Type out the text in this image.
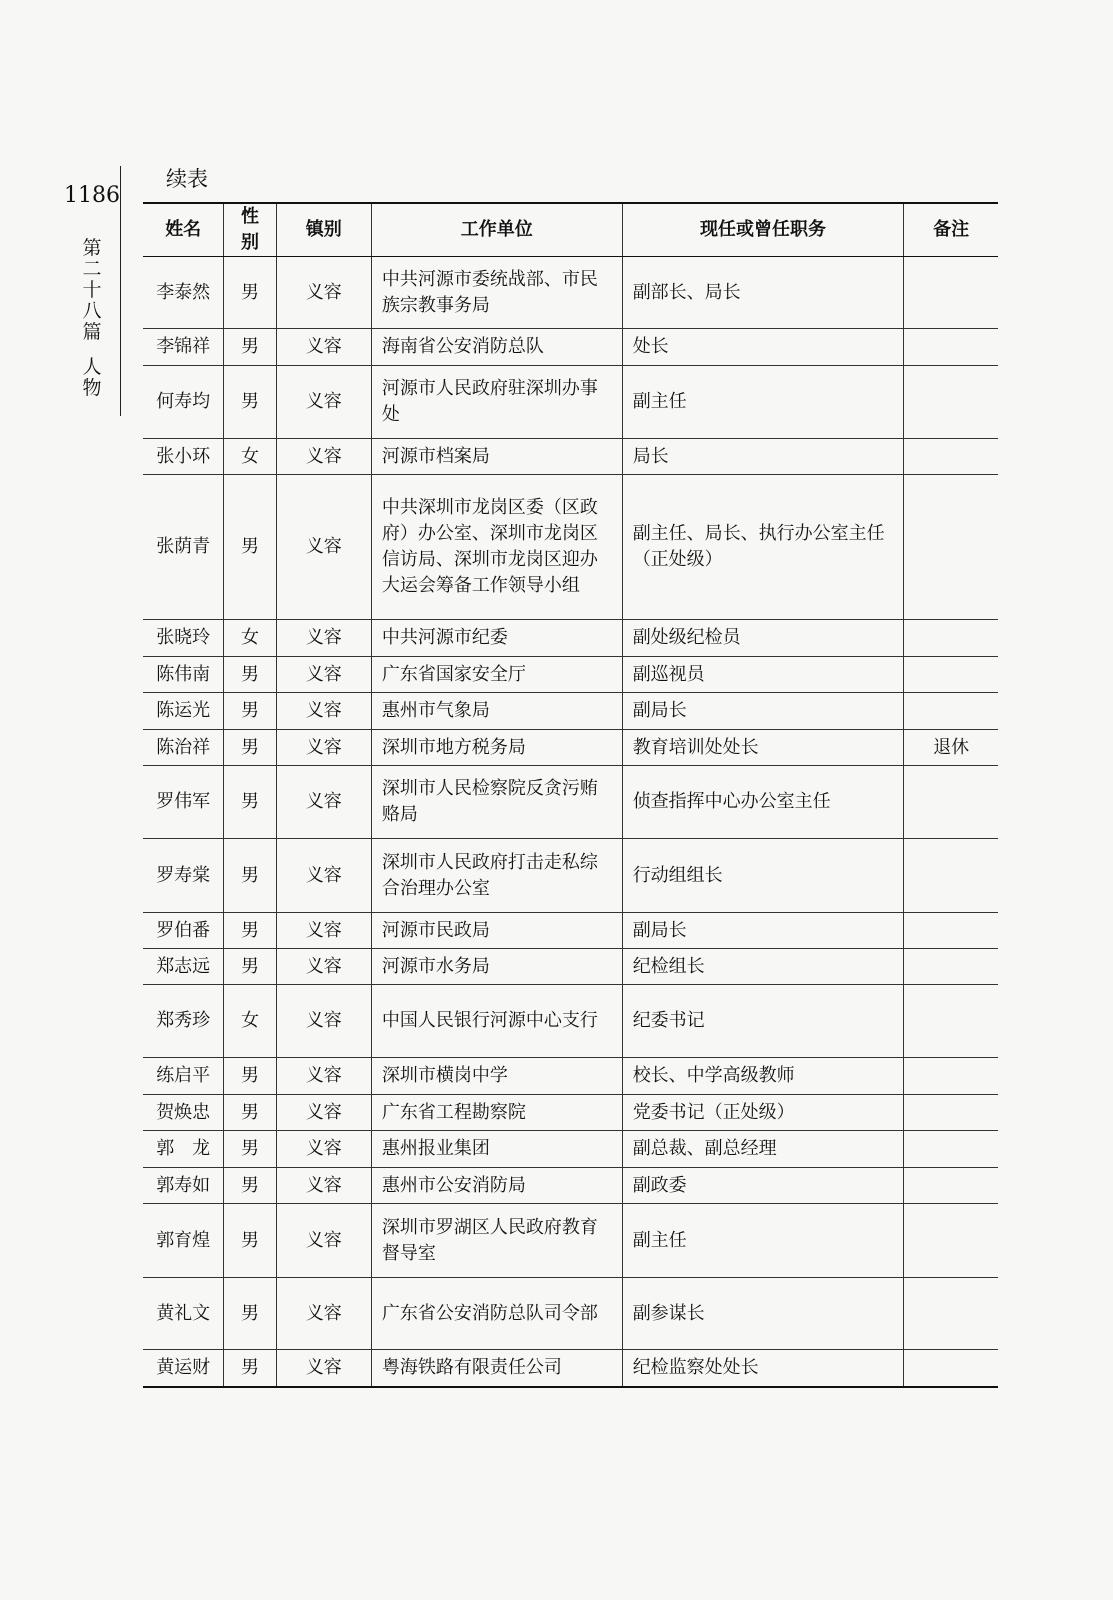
1186
第
二
十
八
篇
人
物
续表
姓名	性别	镇别	工作单位	现任或曾任职务	备注
李泰然	男	义容	中共河源市委统战部、市民族宗教事务局	副部长、局长	
李锦祥	男	义容	海南省公安消防总队	处长	
何寿均	男	义容	河源市人民政府驻深圳办事处	副主任	
张小环	女	义容	河源市档案局	局长	
张荫青	男	义容	中共深圳市龙岗区委（区政府）办公室、深圳市龙岗区信访局、深圳市龙岗区迎办大运会筹备工作领导小组	副主任、局长、执行办公室主任（正处级）	
张晓玲	女	义容	中共河源市纪委	副处级纪检员	
陈伟南	男	义容	广东省国家安全厅	副巡视员	
陈运光	男	义容	惠州市气象局	副局长	
陈治祥	男	义容	深圳市地方税务局	教育培训处处长	退休
罗伟军	男	义容	深圳市人民检察院反贪污贿赂局	侦查指挥中心办公室主任	
罗寿棠	男	义容	深圳市人民政府打击走私综合治理办公室	行动组组长	
罗伯番	男	义容	河源市民政局	副局长	
郑志远	男	义容	河源市水务局	纪检组长	
郑秀珍	女	义容	中国人民银行河源中心支行	纪委书记	
练启平	男	义容	深圳市横岗中学	校长、中学高级教师	
贺焕忠	男	义容	广东省工程勘察院	党委书记（正处级）	
郭　龙	男	义容	惠州报业集团	副总裁、副总经理	
郭寿如	男	义容	惠州市公安消防局	副政委	
郭育煌	男	义容	深圳市罗湖区人民政府教育督导室	副主任	
黄礼文	男	义容	广东省公安消防总队司令部	副参谋长	
黄运财	男	义容	粤海铁路有限责任公司	纪检监察处处长	
